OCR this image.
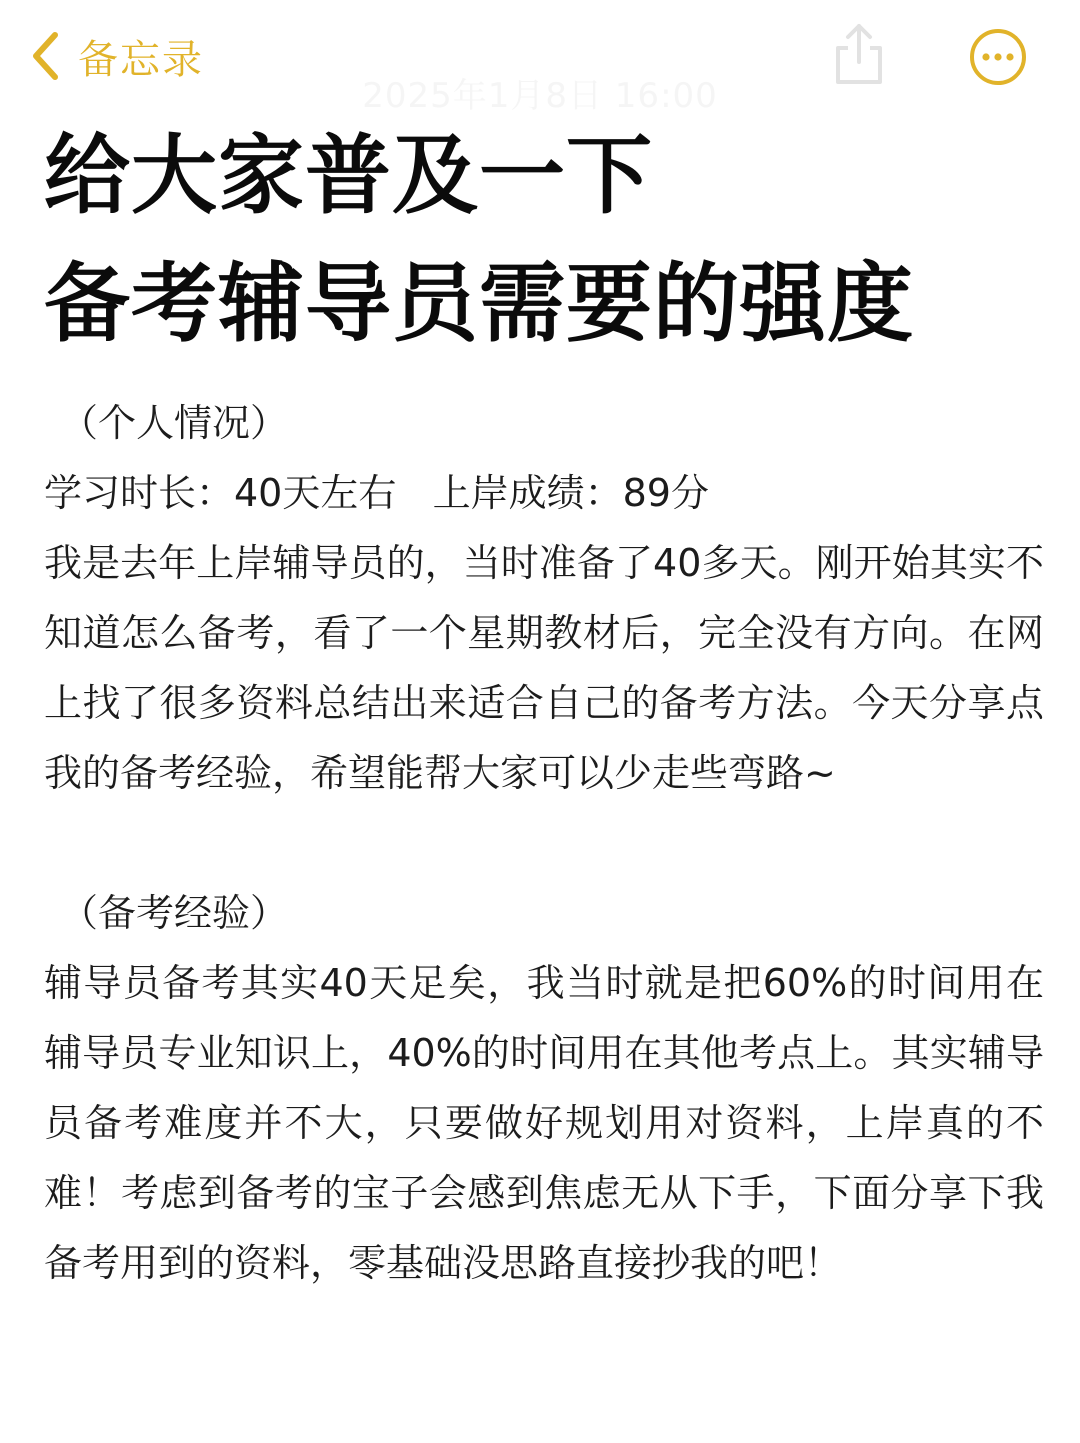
备忘录
2025年1月8日 16:00
给大家普及一下
备考辅导员需要的强度

（个人情况）

学习时长：40天左右   上岸成绩：89分

我是去年上岸辅导员的，当时准备了40多天。刚开始其实不知道怎么备考，看了一个星期教材后，完全没有方向。在网上找了很多资料总结出来适合自己的备考方法。今天分享点我的备考经验，希望能帮大家可以少走些弯路~

（备考经验）

辅导员备考其实40天足矣，我当时就是把60%的时间用在辅导员专业知识上，40%的时间用在其他考点上。其实辅导员备考难度并不大，只要做好规划用对资料，上岸真的不难！考虑到备考的宝子会感到焦虑无从下手，下面分享下我备考用到的资料，零基础没思路直接抄我的吧！
